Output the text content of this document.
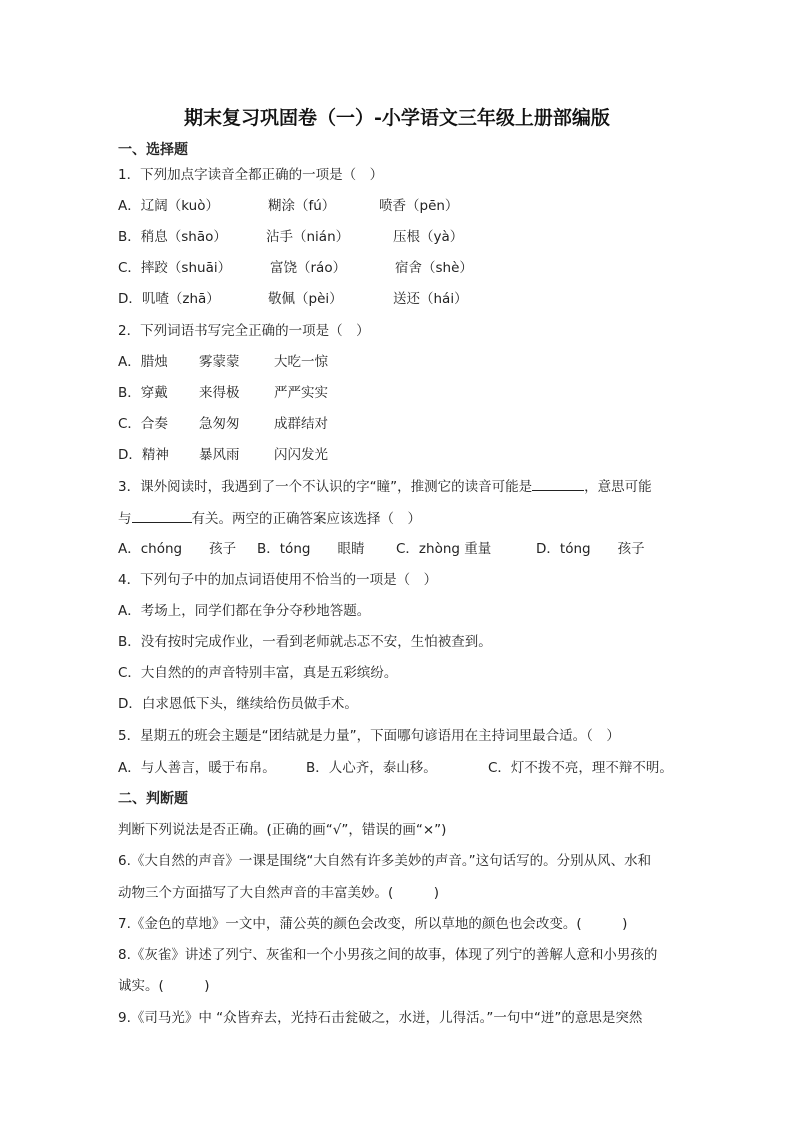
期末复习巩固卷（一）-小学语文三年级上册部编版
一、选择题
1．下列加点字读音全都正确的一项是（　）
A．辽阔（kuò）	糊涂（fú）	喷香（pēn）
B．稍息（shāo）	沾手（nián）	压根（yà）
C．摔跤（shuāi）	富饶（ráo）	宿舍（shè）
D．叽喳（zhā）	敬佩（pèi）	送还（hái）
2．下列词语书写完全正确的一项是（　）
A．腊烛 雾蒙蒙	大吃一惊
B．穿戴 来得极	严严实实
C．合奏 急匆匆	成群结对
D．精神 暴风雨	闪闪发光
3．课外阅读时，我遇到了一个不认识的字“瞳”，推测它的读音可能是	，意思可能
与	有关。两空的正确答案应该选择（　）
A．chóng　　孩子 B．tóng　　眼睛 C．zhòng 重量	D．tóng　　孩子
4．下列句子中的加点词语使用不恰当的一项是（　）
A．考场上，同学们都在争分夺秒地答题。
B．没有按时完成作业，一看到老师就忐忑不安，生怕被查到。
C．大自然的的声音特别丰富，真是五彩缤纷。
D．白求恩低下头，继续给伤员做手术。
5．星期五的班会主题是“团结就是力量”，下面哪句谚语用在主持词里最合适。（　）
A．与人善言，暖于布帛。 B．人心齐，泰山移。	C．灯不拨不亮，理不辩不明。
二、判断题
判断下列说法是否正确。(正确的画“√”，错误的画“×”)
6.《大自然的声音》一课是围绕“大自然有许多美妙的声音。”这句话写的。分别从风、水和
动物三个方面描写了大自然声音的丰富美妙。(　　　)
7.《金色的草地》一文中，蒲公英的颜色会改变，所以草地的颜色也会改变。(　　　)
8.《灰雀》讲述了列宁、灰雀和一个小男孩之间的故事，体现了列宁的善解人意和小男孩的
诚实。(　　　)
9.《司马光》中 “众皆弃去，光持石击瓮破之，水迸，儿得活。”一句中“迸”的意思是突然
